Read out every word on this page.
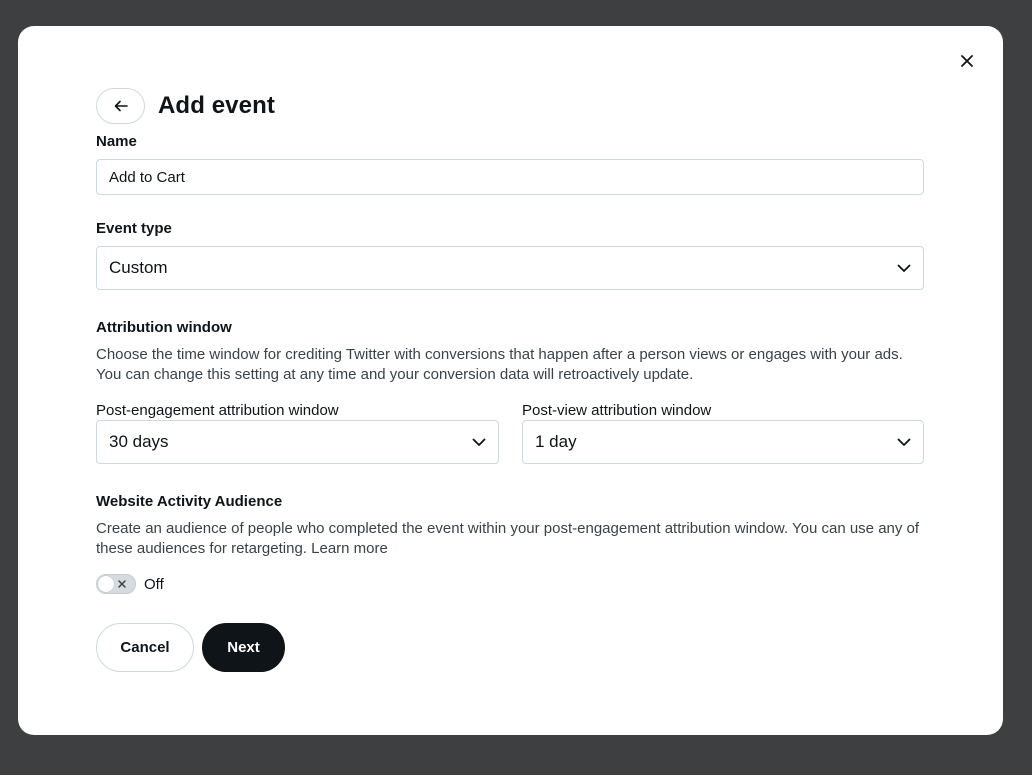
Add event
Name
Add to Cart
Event type
Custom
Attribution window
Choose the time window for crediting Twitter with conversions that happen after a person views or engages with your ads.
You can change this setting at any time and your conversion data will retroactively update.
Post-engagement attribution window
30 days
Post-view attribution window
1 day
Website Activity Audience
Create an audience of people who completed the event within your post-engagement attribution window. You can use any of
these audiences for retargeting. Learn more
Off
Cancel	Next
